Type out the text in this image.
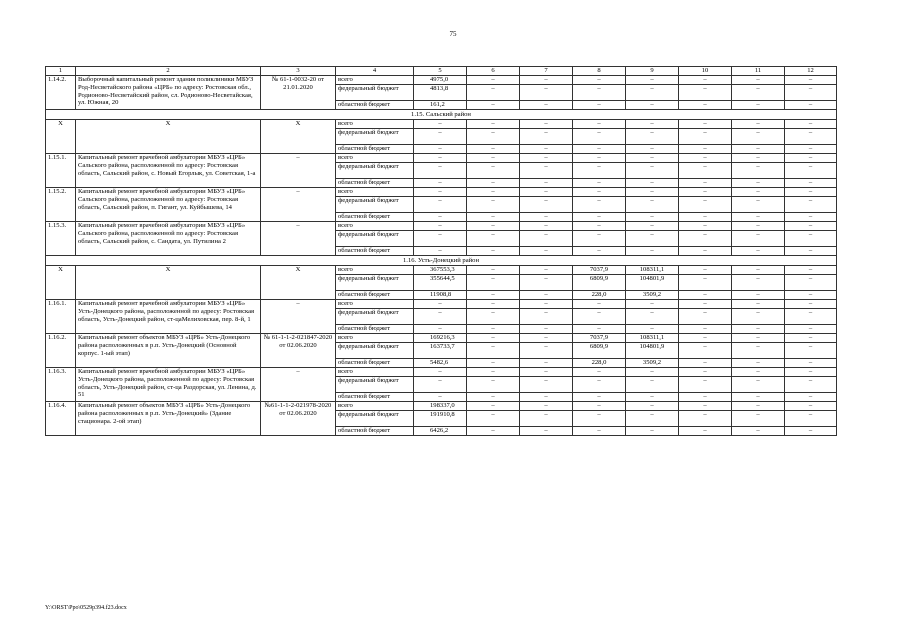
75
1	2	3	4	5	6	7	8	9	10	11	12
1.14.2.	Выборочный капитальный ремонт здания поликлиники МБУЗ Род-Несветайского района «ЦРБ» по адресу: Ростовская обл., Родионово-Несветайский район, сл. Родионово-Несветайская, ул. Южная, 20	№ 61-1-0032-20 от 21.01.2020	всего	4975,0	–	–	–	–	–	–	–
			федеральный бюджет	4813,8	–	–	–	–	–	–	–
			областной бюджет	161,2	–	–	–	–	–	–	–
1.15. Сальский район											
Х	Х	Х	всего	–	–	–	–	–	–	–	–
			федеральный бюджет	–	–	–	–	–	–	–	–
			областной бюджет	–	–	–	–	–	–	–	–
1.15.1.	Капитальный ремонт врачебной амбулатории МБУЗ «ЦРБ» Сальского района, расположенной по адресу: Ростовская область, Сальский район, с. Новый Егорлык, ул. Советская, 1-а	–	всего	–	–	–	–	–	–	–	–
			федеральный бюджет	–	–	–	–	–	–	–	–
			областной бюджет	–	–	–	–	–	–	–	–
1.15.2.	Капитальный ремонт врачебной амбулатории МБУЗ «ЦРБ» Сальского района, расположенной по адресу: Ростовская область, Сальский район, п. Гигант, ул. Куйбышева, 14	–	всего	–	–	–	–	–	–	–	–
			федеральный бюджет	–	–	–	–	–	–	–	–
			областной бюджет	–	–	–	–	–	–	–	–
1.15.3.	Капитальный ремонт врачебной амбулатории МБУЗ «ЦРБ» Сальского района, расположенной по адресу: Ростовская область, Сальский район, с. Сандата, ул. Путилина 2	–	всего	–	–	–	–	–	–	–	–
			федеральный бюджет	–	–	–	–	–	–	–	–
			областной бюджет	–	–	–	–	–	–	–	–
1.16. Усть-Донецкий район											
Х	Х	Х	всего	367553,3	–	–	7037,9	108311,1	–	–	–
			федеральный бюджет	355644,5	–	–	6809,9	104801,9	–	–	–
			областной бюджет	11908,8	–	–	228,0	3509,2	–	–	–
1.16.1.	Капитальный ремонт врачебной амбулатории МБУЗ «ЦРБ» Усть-Донецкого района, расположенной по адресу: Ростовская область, Усть-Донецкий район, ст-цаМелиховская, пер. 8-й, 1	–	всего	–	–	–	–	–	–	–	–
			федеральный бюджет	–	–	–	–	–	–	–	–
			областной бюджет	–	–	–	–	–	–	–	–
1.16.2.	Капитальный ремонт объектов МБУЗ «ЦРБ» Усть-Донецкого района расположенных в р.п. Усть-Донецкий (Основной корпус. 1-ый этап)	№ 61-1-1-2-021847-2020 от 02.06.2020	всего	169216,3	–	–	7037,9	108311,1	–	–	–
			федеральный бюджет	163733,7	–	–	6809,9	104801,9	–	–	–
			областной бюджет	5482,6	–	–	228,0	3509,2	–	–	–
1.16.3.	Капитальный ремонт врачебной амбулатории МБУЗ «ЦРБ» Усть-Донецкого района, расположенной по адресу: Ростовская область, Усть-Донецкий район, ст-ца Раздорская, ул. Ленина, д. 51	–	всего	–	–	–	–	–	–	–	–
			федеральный бюджет	–	–	–	–	–	–	–	–
			областной бюджет	–	–	–	–	–	–	–	–
1.16.4.	Капитальный ремонт объектов МБУЗ «ЦРБ» Усть-Донецкого района расположенных в р.п. Усть-Донецкий» (Здание стационара. 2-ой этап)	№61-1-1-2-021978-2020 от 02.06.2020	всего	198337,0	–	–	–	–	–	–	–
			федеральный бюджет	191910,8	–	–	–	–	–	–	–
			областной бюджет	6426,2	–	–	–	–	–	–	–
Y:\ORST\Ppo\0529p394.f23.docx
